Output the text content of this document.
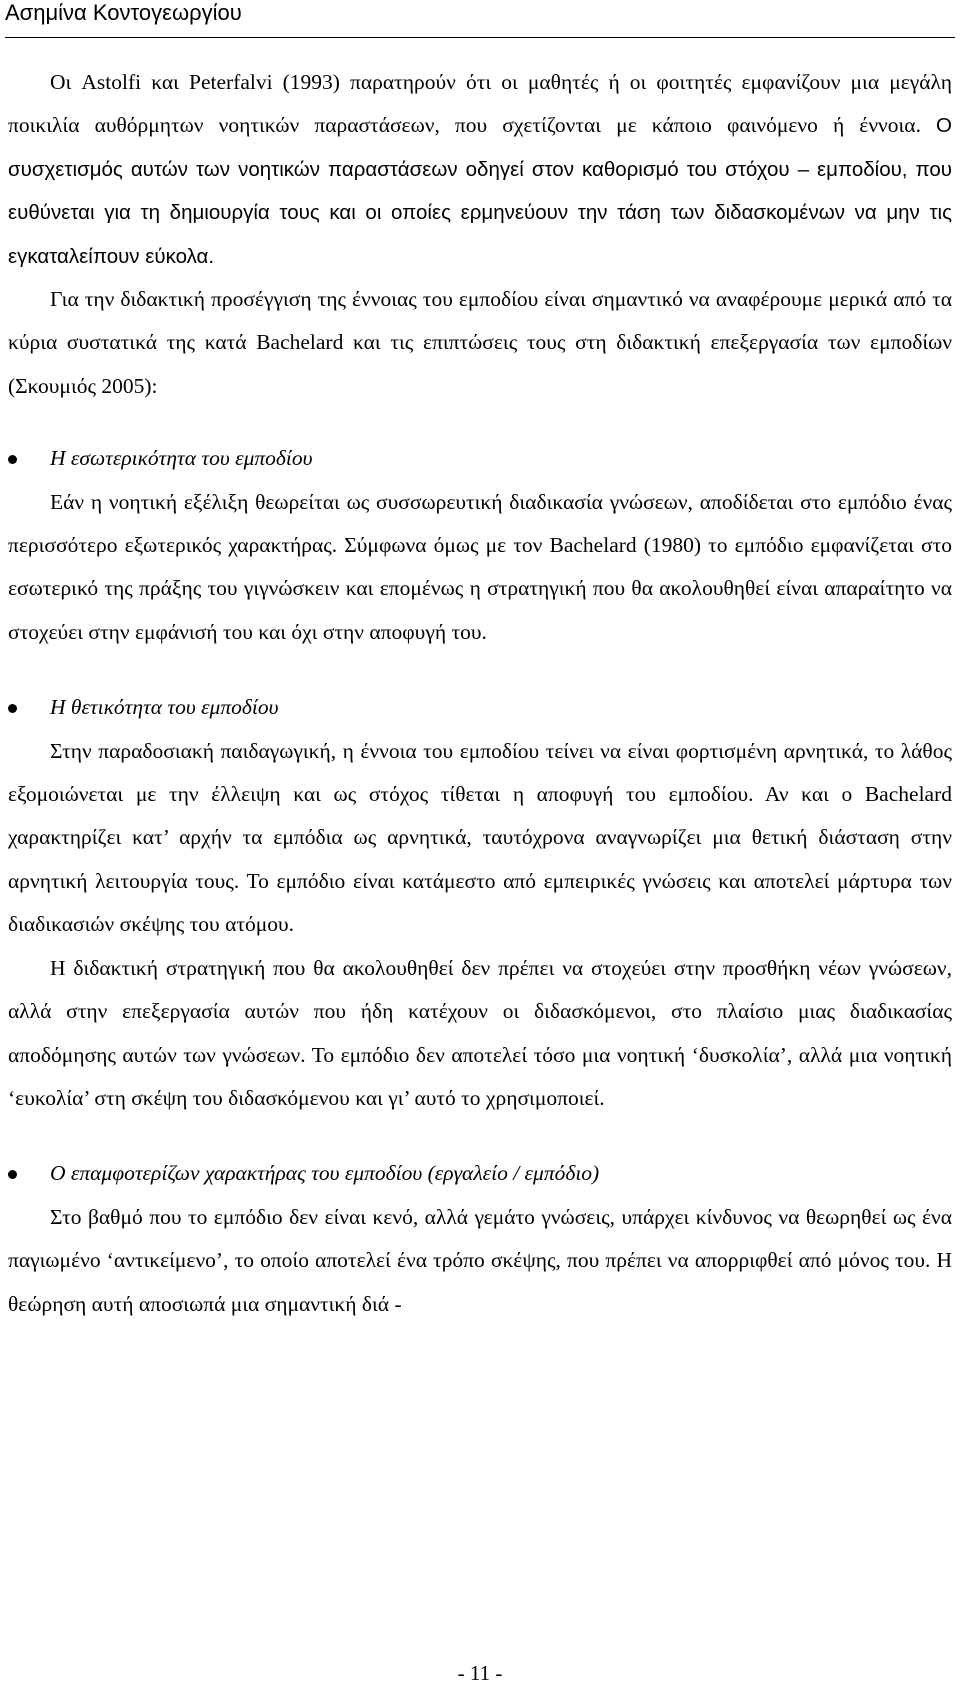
Ασημίνα Κοντογεωργίου

Οι Astolfi και Peterfalvi (1993) παρατηρούν ότι οι μαθητές ή οι φοιτητές εμφανίζουν μια μεγάλη ποικιλία αυθόρμητων νοητικών παραστάσεων, που σχετίζονται με κάποιο φαινόμενο ή έννοια. Ο συσχετισμός αυτών των νοητικών παραστάσεων οδηγεί στον καθορισμό του στόχου – εμποδίου, που ευθύνεται για τη δημιουργία τους και οι οποίες ερμηνεύουν την τάση των διδασκομένων να μην τις εγκαταλείπουν εύκολα.

Για την διδακτική προσέγγιση της έννοιας του εμποδίου είναι σημαντικό να αναφέρουμε μερικά από τα κύρια συστατικά της κατά Bachelard και τις επιπτώσεις τους στη διδακτική επεξεργασία των εμποδίων (Σκουμιός 2005):

Η εσωτερικότητα του εμποδίου

Εάν η νοητική εξέλιξη θεωρείται ως συσσωρευτική διαδικασία γνώσεων, αποδίδεται στο εμπόδιο ένας περισσότερο εξωτερικός χαρακτήρας. Σύμφωνα όμως με τον Bachelard (1980) το εμπόδιο εμφανίζεται στο εσωτερικό της πράξης του γιγνώσκειν και επομένως η στρατηγική που θα ακολουθηθεί είναι απαραίτητο να στοχεύει στην εμφάνισή του και όχι στην αποφυγή του.

Η θετικότητα του εμποδίου

Στην παραδοσιακή παιδαγωγική, η έννοια του εμποδίου τείνει να είναι φορτισμένη αρνητικά, το λάθος εξομοιώνεται με την έλλειψη και ως στόχος τίθεται η αποφυγή του εμποδίου. Αν και ο Bachelard χαρακτηρίζει κατ’ αρχήν τα εμπόδια ως αρνητικά, ταυτόχρονα αναγνωρίζει μια θετική διάσταση στην αρνητική λειτουργία τους. Το εμπόδιο είναι κατάμεστο από εμπειρικές γνώσεις και αποτελεί μάρτυρα των διαδικασιών σκέψης του ατόμου.

Η διδακτική στρατηγική που θα ακολουθηθεί δεν πρέπει να στοχεύει στην προσθήκη νέων γνώσεων, αλλά στην επεξεργασία αυτών που ήδη κατέχουν οι διδασκόμενοι, στο πλαίσιο μιας διαδικασίας αποδόμησης αυτών των γνώσεων. Το εμπόδιο δεν αποτελεί τόσο μια νοητική ‘δυσκολία’, αλλά μια νοητική ‘ευκολία’ στη σκέψη του διδασκόμενου και γι’ αυτό το χρησιμοποιεί.

Ο επαμφοτερίζων χαρακτήρας του εμποδίου (εργαλείο / εμπόδιο)

Στο βαθμό που το εμπόδιο δεν είναι κενό, αλλά γεμάτο γνώσεις, υπάρχει κίνδυνος να θεωρηθεί ως ένα παγιωμένο ‘αντικείμενο’, το οποίο αποτελεί ένα τρόπο σκέψης, που πρέπει να απορριφθεί από μόνος του. Η θεώρηση αυτή αποσιωπά μια σημαντική διά -

- 11 -
